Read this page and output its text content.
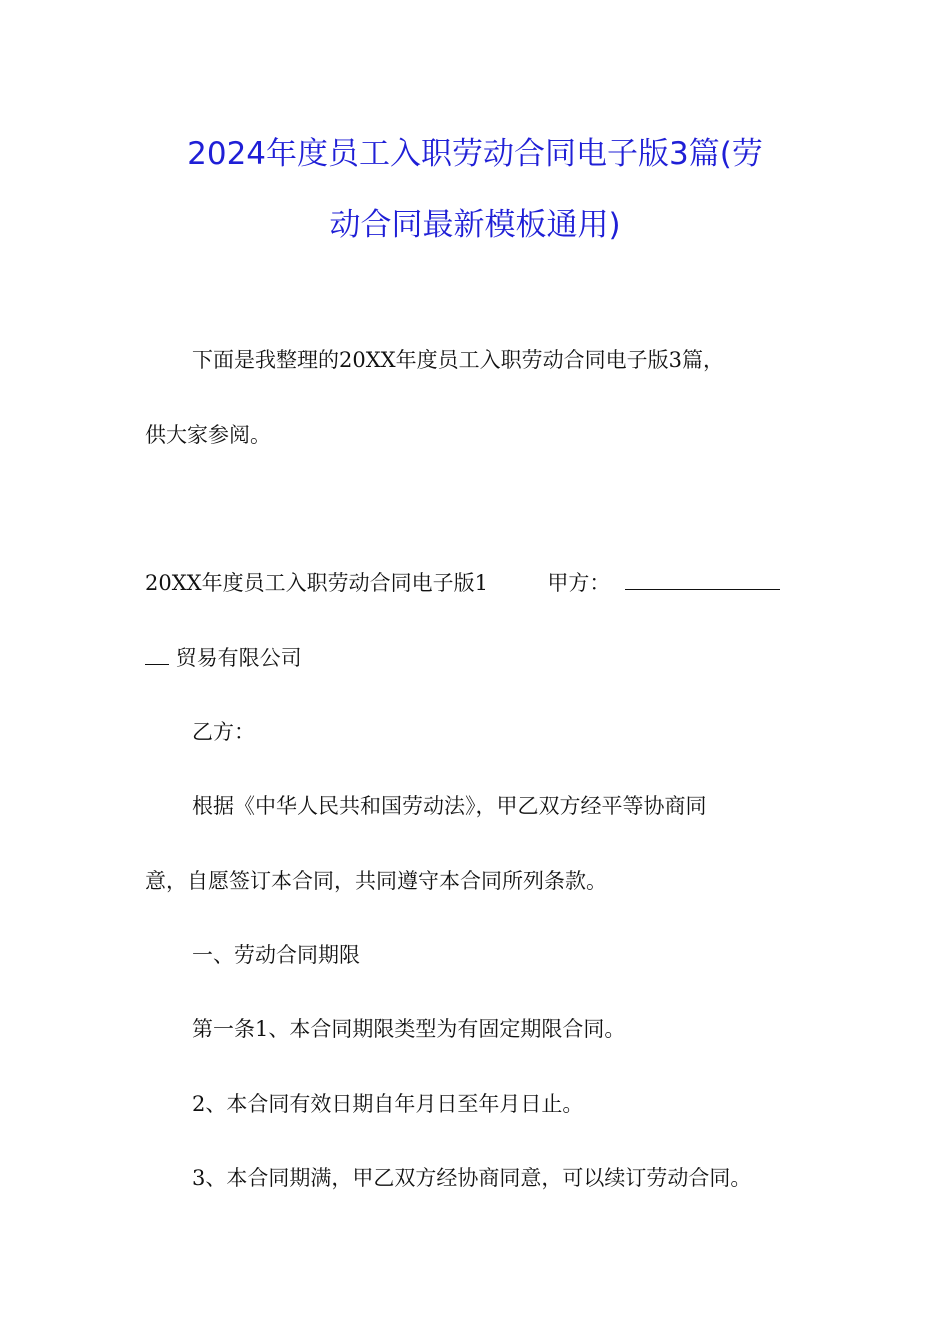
2024年度员工入职劳动合同电子版3篇(劳
动合同最新模板通用)
下面是我整理的20XX年度员工入职劳动合同电子版3篇，
供大家参阅。
20XX年度员工入职劳动合同电子版1	甲方：
贸易有限公司
乙方：
根据《中华人民共和国劳动法》，甲乙双方经平等协商同
意，自愿签订本合同，共同遵守本合同所列条款。
一、劳动合同期限
第一条1、本合同期限类型为有固定期限合同。
2、本合同有效日期自年月日至年月日止。
3、本合同期满，甲乙双方经协商同意，可以续订劳动合同。
